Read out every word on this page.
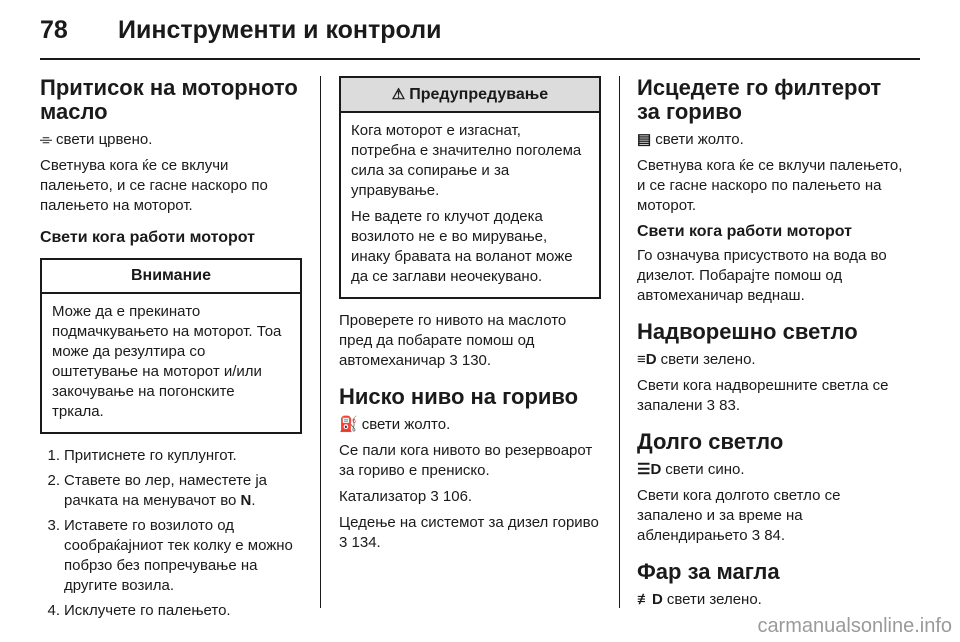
78 Иинструменти и контроли
Притисок на моторното масло
⌯ свети црвено.
Светнува кога ќе се вклучи палењето, и се гасне наскоро по палењето на моторот.
Свети кога работи моторот
Внимание
Може да е прекинато подмачкувањето на моторот. Тоа може да резултира со оштетување на моторот и/или закочување на погонските тркала.
1. Притиснете го куплунгот.
2. Ставете во лер, наместете ја рачката на менувачот во N.
3. Иставете го возилото од сообраќајниот тек колку е можно побрзо без попречување на другите возила.
4. Исклучете го палењето.
⚠ Предупредување
Кога моторот е изгаснат, потребна е значително поголема сила за сопирање и за управување.
Не вадете го клучот додека возилото не е во мирување, инаку бравата на воланот може да се заглави неочекувано.
Проверете го нивото на маслото пред да побарате помош од автомеханичар 3 130.
Ниско ниво на гориво
⛽ свети жолто.
Се пали кога нивото во резервоарот за гориво е прениско.
Катализатор 3 106.
Цедење на системот за дизел гориво 3 134.
Исцедете го филтерот за гориво
▤ свети жолто.
Светнува кога ќе се вклучи палењето, и се гасне наскоро по палењето на моторот.
Свети кога работи моторот
Го означува присуството на вода во дизелот. Побарајте помош од автомеханичар веднаш.
Надворешно светло
≡D свети зелено.
Свети кога надворешните светла се запалени 3 83.
Долго светло
☰D свети сино.
Свети кога долгото светло се запалено и за време на аблендирањето 3 84.
Фар за магла
≢D свети зелено.
carmanualsonline.info
